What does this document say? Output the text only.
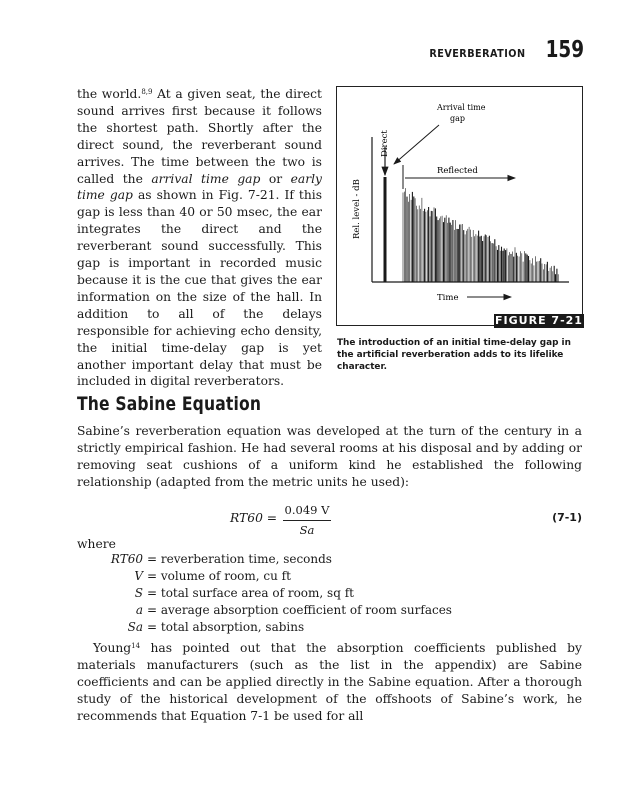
REVERBERATION 159

the world.$^{8,9}$ At a given seat, the direct sound arrives first because it follows the shortest path. Shortly after the direct sound, the reverberant sound arrives. The time between the two is called the arrival time gap or early time gap as shown in Fig. 7-21. If this gap is less than 40 or 50 msec, the ear integrates the direct and the reverberant sound successfully. This gap is important in recorded music because it is the cue that gives the ear information on the size of the hall. In addition to all of the delays responsible for achieving echo density, the initial time-delay gap is yet another important delay that must be included in digital reverberators.

Direct
Arrival time
gap
Reflected
Rel. level - dB
Time
FIGURE 7-21
The introduction of an initial time-delay gap in the artificial reverberation adds to its lifelike character.
The Sabine Equation
Sabine’s reverberation equation was developed at the turn of the century in a strictly empirical fashion. He had several rooms at his disposal and by adding or removing seat cushions of a uniform kind he established the following relationship (adapted from the metric units he used):
$RT60 = \frac{0.049 V}{Sa}$	(7-1)
where
RT60 = reverberation time, seconds
V = volume of room, cu ft
S = total surface area of room, sq ft
a = average absorption coefficient of room surfaces
Sa = total absorption, sabins
Young$^{14}$ has pointed out that the absorption coefficients published by materials manufacturers (such as the list in the appendix) are Sabine coefficients and can be applied directly in the Sabine equation. After a thorough study of the historical development of the offshoots of Sabine’s work, he recommends that Equation 7-1 be used for all
